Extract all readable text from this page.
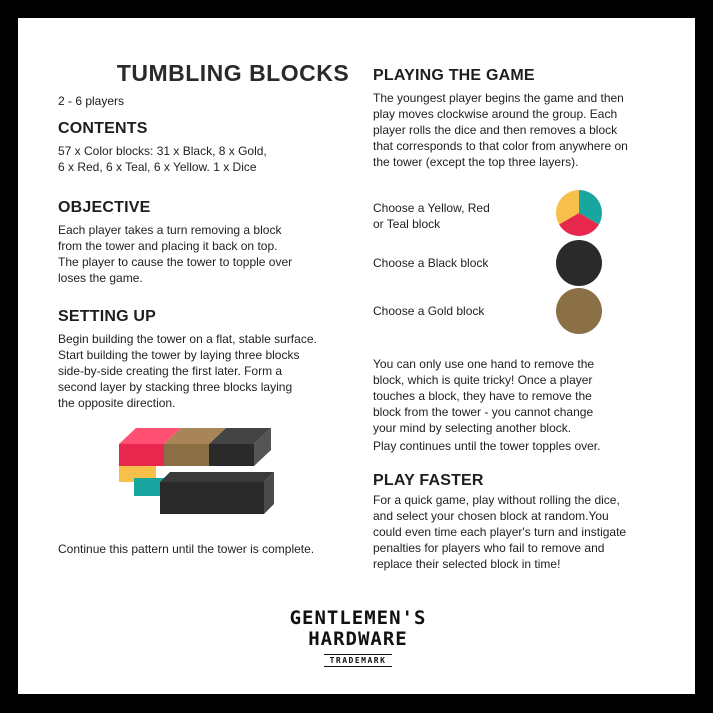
TUMBLING BLOCKS
2 - 6 players
CONTENTS
57 x Color blocks: 31 x Black, 8 x Gold,
6 x Red, 6 x Teal, 6 x Yellow. 1 x Dice
OBJECTIVE
Each player takes a turn removing a block
from the tower and placing it back on top.
The player to cause the tower to topple over
loses the game.
SETTING UP
Begin building the tower on a flat, stable surface.
Start building the tower by laying three blocks
side-by-side creating the first later. Form a
second layer by stacking three blocks laying
the opposite direction.
Continue this pattern until the tower is complete.
PLAYING THE GAME
The youngest player begins the game and then
play moves clockwise around the group. Each
player rolls the dice and then removes a block
that corresponds to that color from anywhere on
the tower (except the top three layers).
Choose a Yellow, Red
or Teal block
Choose a Black block
Choose a Gold block
You can only use one hand to remove the
block, which is quite tricky! Once a player
touches a block, they have to remove the
block from the tower - you cannot change
your mind by selecting another block.
Play continues until the tower topples over.
PLAY FASTER
For a quick game, play without rolling the dice,
and select your chosen block at random.You
could even time each player's turn and instigate
penalties for players who fail to remove and
replace their selected block in time!
GENTLEMEN'S
HARDWARE
TRADEMARK
